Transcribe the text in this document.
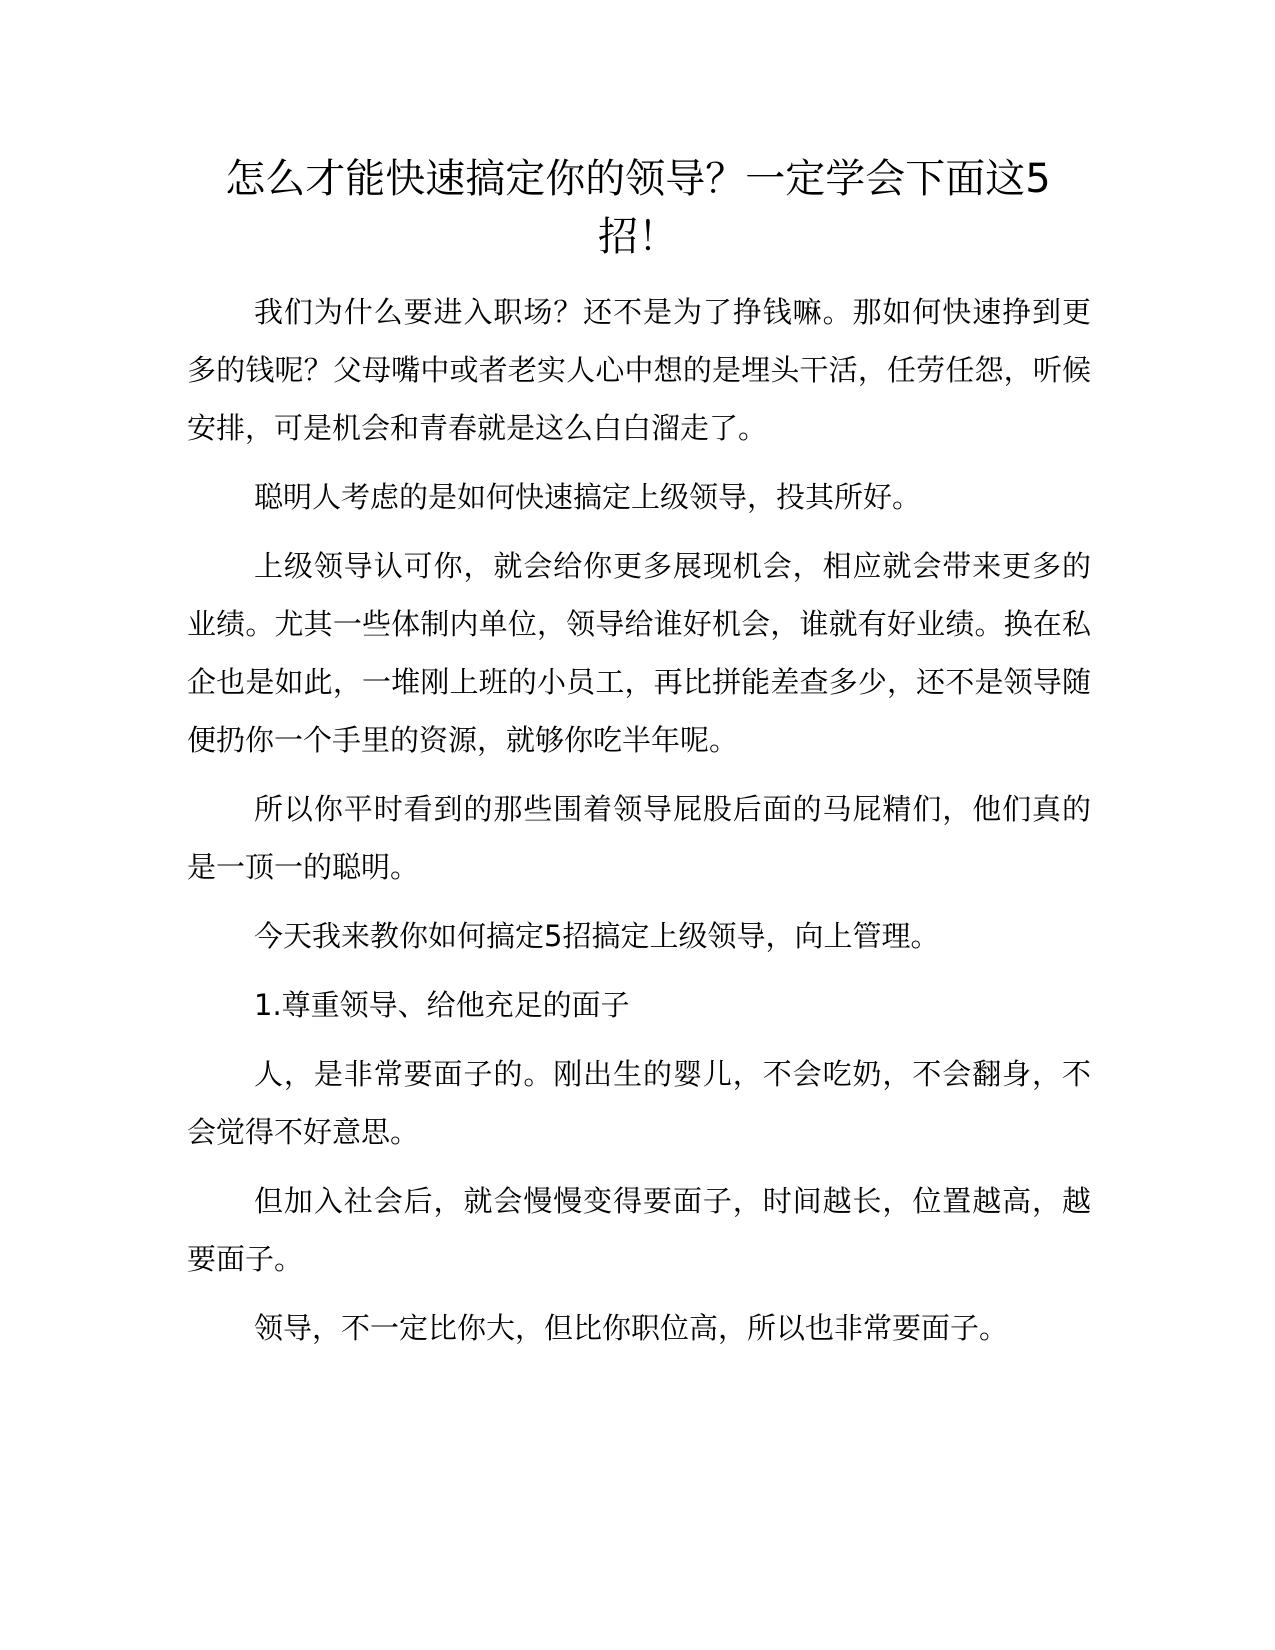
怎么才能快速搞定你的领导？一定学会下面这5招！

我们为什么要进入职场？还不是为了挣钱嘛。那如何快速挣到更多的钱呢？父母嘴中或者老实人心中想的是埋头干活，任劳任怨，听候安排，可是机会和青春就是这么白白溜走了。

聪明人考虑的是如何快速搞定上级领导，投其所好。

上级领导认可你，就会给你更多展现机会，相应就会带来更多的业绩。尤其一些体制内单位，领导给谁好机会，谁就有好业绩。换在私企也是如此，一堆刚上班的小员工，再比拼能差查多少，还不是领导随便扔你一个手里的资源，就够你吃半年呢。

所以你平时看到的那些围着领导屁股后面的马屁精们，他们真的是一顶一的聪明。

今天我来教你如何搞定5招搞定上级领导，向上管理。

1.尊重领导、给他充足的面子

人，是非常要面子的。刚出生的婴儿，不会吃奶，不会翻身，不会觉得不好意思。

但加入社会后，就会慢慢变得要面子，时间越长，位置越高，越要面子。

领导，不一定比你大，但比你职位高，所以也非常要面子。
